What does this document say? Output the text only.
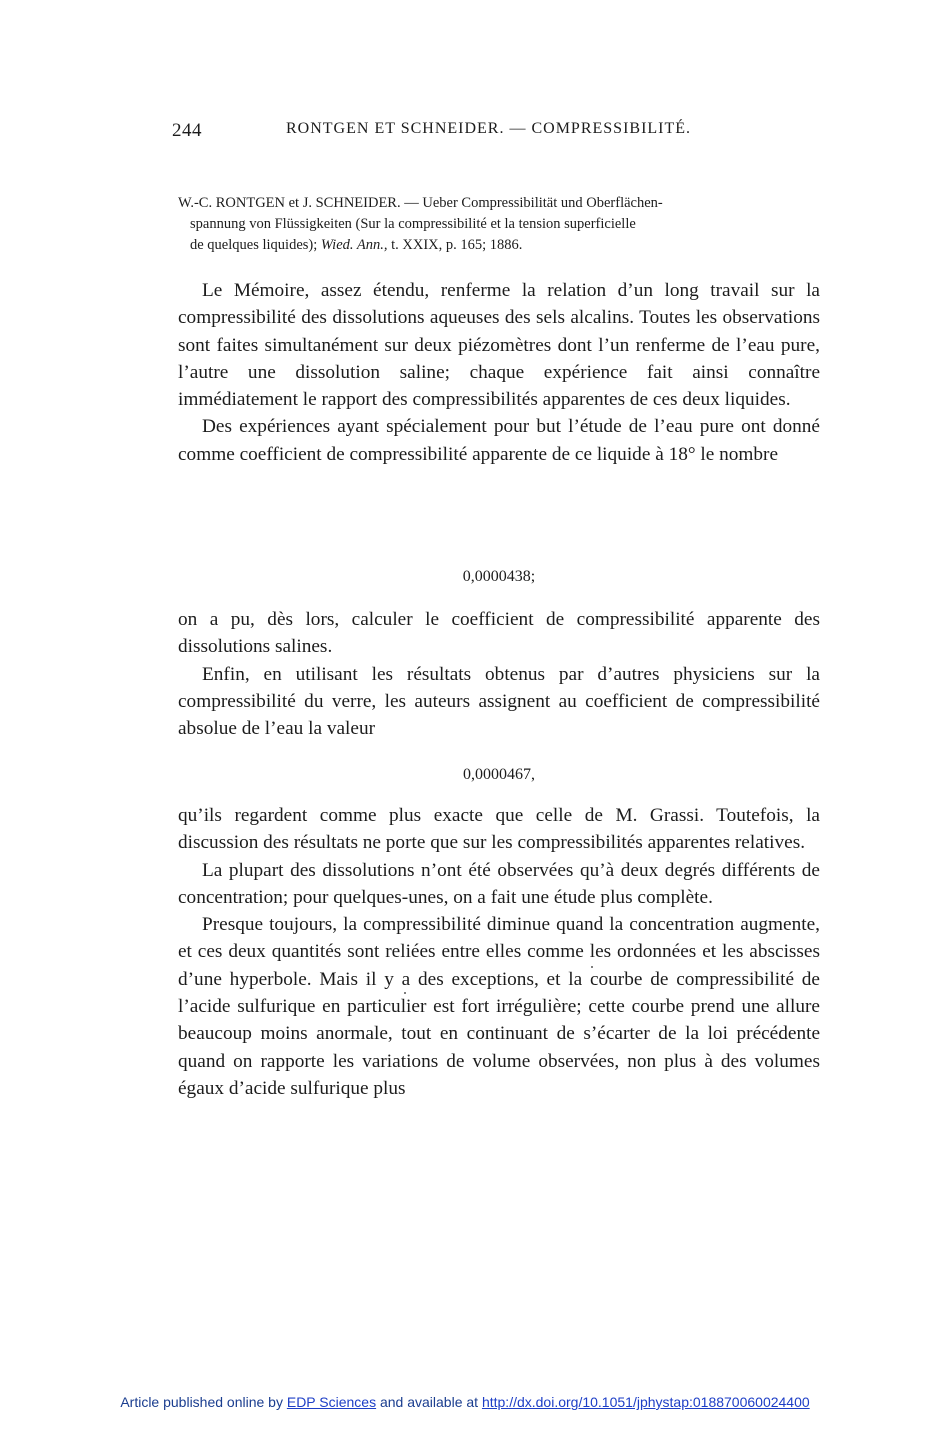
244	RONTGEN ET SCHNEIDER. — COMPRESSIBILITÉ.
W.-C. RONTGEN et J. SCHNEIDER. — Ueber Compressibilität und Oberflächen-
spannung von Flüssigkeiten (Sur la compressibilité et la tension superficielle
de quelques liquides); Wied. Ann., t. XXIX, p. 165; 1886.

Le Mémoire, assez étendu, renferme la relation d’un long travail sur la compressibilité des dissolutions aqueuses des sels alcalins. Toutes les observations sont faites simultanément sur deux piézomètres dont l’un renferme de l’eau pure, l’autre une dissolution saline; chaque expérience fait ainsi connaître immédiatement le rapport des compressibilités apparentes de ces deux liquides.

Des expériences ayant spécialement pour but l’étude de l’eau pure ont donné comme coefficient de compressibilité apparente de ce liquide à 18° le nombre

0,0000438;

on a pu, dès lors, calculer le coefficient de compressibilité apparente des dissolutions salines.

Enfin, en utilisant les résultats obtenus par d’autres physiciens sur la compressibilité du verre, les auteurs assignent au coefficient de compressibilité absolue de l’eau la valeur

0,0000467,

qu’ils regardent comme plus exacte que celle de M. Grassi. Toutefois, la discussion des résultats ne porte que sur les compressibilités apparentes relatives.

La plupart des dissolutions n’ont été observées qu’à deux degrés différents de concentration; pour quelques-unes, on a fait une étude plus complète.

Presque toujours, la compressibilité diminue quand la concentration augmente, et ces deux quantités sont reliées entre elles comme les ordonnées et les abscisses d’une hyperbole. Mais il y a des exceptions, et la courbe de compressibilité de l’acide sulfurique en particulier est fort irrégulière; cette courbe prend une allure beaucoup moins anormale, tout en continuant de s’écarter de la loi précédente quand on rapporte les variations de volume observées, non plus à des volumes égaux d’acide sulfurique plus

Article published online by EDP Sciences and available at http://dx.doi.org/10.1051/jphystap:018870060024400
